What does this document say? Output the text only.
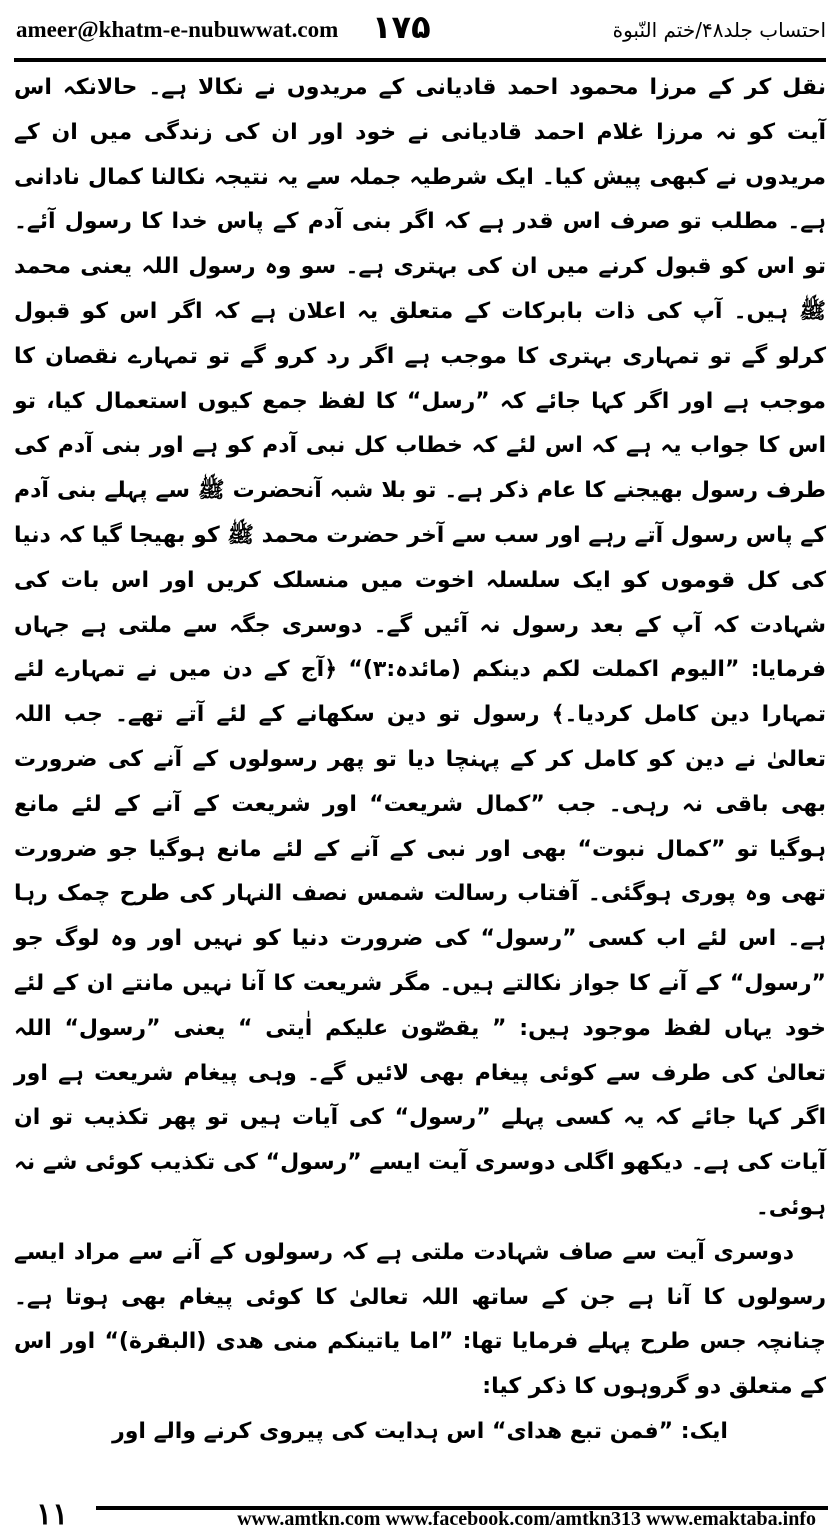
ameer@khatm-e-nubuwwat.com ۱۷۵	احتساب جلد۴۸/ختم النّبوة

نقل کر کے مرزا محمود احمد قادیانی کے مریدوں نے نکالا ہے۔ حالانکہ اس آیت کو نہ مرزا غلام احمد قادیانی نے خود اور ان کی زندگی میں ان کے مریدوں نے کبھی پیش کیا۔ ایک شرطیہ جملہ سے یہ نتیجہ نکالنا کمال نادانی ہے۔ مطلب تو صرف اس قدر ہے کہ اگر بنی آدم کے پاس خدا کا رسول آئے۔ تو اس کو قبول کرنے میں ان کی بہتری ہے۔ سو وہ رسول اللہ یعنی محمد ﷺ ہیں۔ آپ کی ذات بابرکات کے متعلق یہ اعلان ہے کہ اگر اس کو قبول کرلو گے تو تمہاری بہتری کا موجب ہے اگر رد کرو گے تو تمہارے نقصان کا موجب ہے اور اگر کہا جائے کہ ”رسل“ کا لفظ جمع کیوں استعمال کیا، تو اس کا جواب یہ ہے کہ اس لئے کہ خطاب کل نبی آدم کو ہے اور بنی آدم کی طرف رسول بھیجنے کا عام ذکر ہے۔ تو بلا شبہ آنحضرت ﷺ سے پہلے بنی آدم کے پاس رسول آتے رہے اور سب سے آخر حضرت محمد ﷺ کو بھیجا گیا کہ دنیا کی کل قوموں کو ایک سلسلہ اخوت میں منسلک کریں اور اس بات کی شہادت کہ آپ کے بعد رسول نہ آئیں گے۔ دوسری جگہ سے ملتی ہے جہاں فرمایا: ”الیوم اکملت لکم دینکم (مائدہ:۳)“ ﴿آج کے دن میں نے تمہارے لئے تمہارا دین کامل کردیا۔﴾ رسول تو دین سکھانے کے لئے آتے تھے۔ جب اللہ تعالیٰ نے دین کو کامل کر کے پہنچا دیا تو پھر رسولوں کے آنے کی ضرورت بھی باقی نہ رہی۔ جب ”کمال شریعت“ اور شریعت کے آنے کے لئے مانع ہوگیا تو ”کمال نبوت“ بھی اور نبی کے آنے کے لئے مانع ہوگیا جو ضرورت تھی وہ پوری ہوگئی۔ آفتاب رسالت شمس نصف النہار کی طرح چمک رہا ہے۔ اس لئے اب کسی ”رسول“ کی ضرورت دنیا کو نہیں اور وہ لوگ جو ”رسول“ کے آنے کا جواز نکالتے ہیں۔ مگر شریعت کا آنا نہیں مانتے ان کے لئے خود یہاں لفظ موجود ہیں: ” یقصّون علیکم اٰیتی “ یعنی ”رسول“ اللہ تعالیٰ کی طرف سے کوئی پیغام بھی لائیں گے۔ وہی پیغام شریعت ہے اور اگر کہا جائے کہ یہ کسی پہلے ”رسول“ کی آیات ہیں تو پھر تکذیب تو ان آیات کی ہے۔ دیکھو اگلی دوسری آیت ایسے ”رسول“ کی تکذیب کوئی شے نہ ہوئی۔

دوسری آیت سے صاف شہادت ملتی ہے کہ رسولوں کے آنے سے مراد ایسے رسولوں کا آنا ہے جن کے ساتھ اللہ تعالیٰ کا کوئی پیغام بھی ہوتا ہے۔ چنانچہ جس طرح پہلے فرمایا تھا: ”اما یاتینکم منی ھدی (البقرة)“ اور اس کے متعلق دو گروہوں کا ذکر کیا:

ایک: ”فمن تبع ھدای“ اس ہدایت کی پیروی کرنے والے اور

۱۱	www.amtkn.com www.facebook.com/amtkn313 www.emaktaba.info
